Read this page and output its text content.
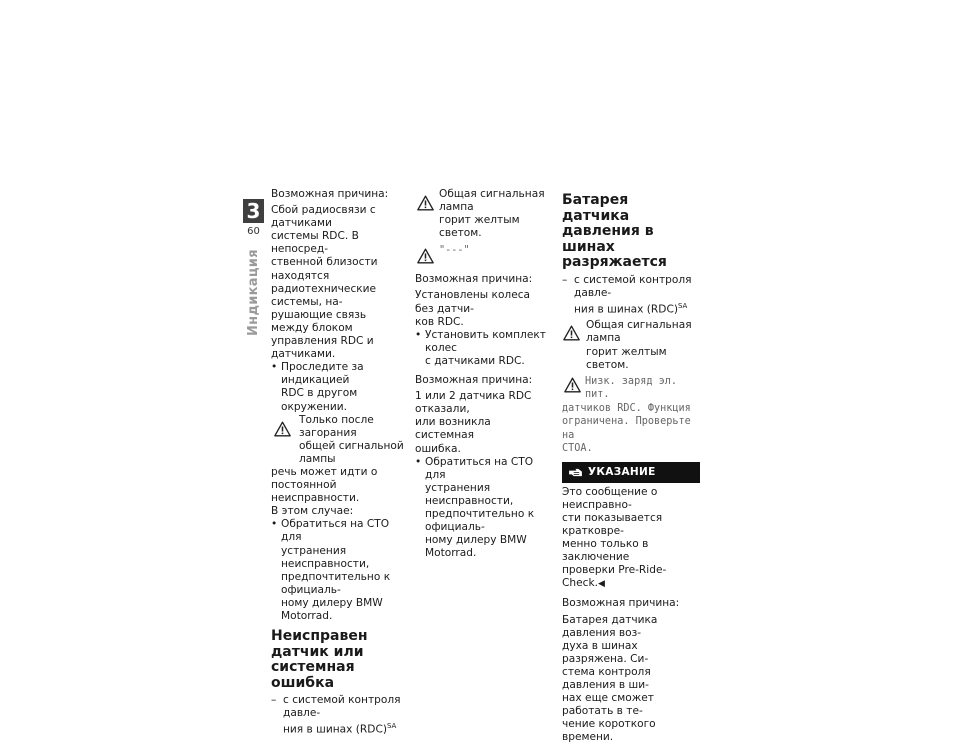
3
60
Индикация

Возможная причина:

Сбой радиосвязи с датчиками

системы RDC. В непосред-

ственной близости находятся

радиотехнические системы, на-

рушающие связь между блоком

управления RDC и датчиками.

• Проследите за индикацией

RDC в другом окружении.

Только после загорания

общей сигнальной лампы

речь может идти о постоянной

неисправности.

В этом случае:

• Обратиться на СТО для

устранения неисправности,

предпочтительно к официаль-

ному дилеру BMW Motorrad.

Неисправен датчик или
системная ошибка
– с системой контроля давле-

ния в шинах (RDC)$^{SA}$

Общая сигнальная лампа

горит желтым светом.

"---"

Возможная причина:

Установлены колеса без датчи-

ков RDC.

• Установить комплект колес

с датчиками RDC.

Возможная причина:

1 или 2 датчика RDC отказали,

или возникла системная

ошибка.

• Обратиться на СТО для

устранения неисправности,

предпочтительно к официаль-

ному дилеру BMW Motorrad.

Батарея датчика
давления в шинах
разряжается
– с системой контроля давле-

ния в шинах (RDC)$^{SA}$

Общая сигнальная лампа

горит желтым светом.

Низк. заряд эл. пит.

датчиков RDC. Функция

ограничена. Проверьте на

СТОА.

УКАЗАНИЕ

Это сообщение о неисправно-

сти показывается кратковре-

менно только в заключение

проверки Pre-Ride-Check.◀

Возможная причина:

Батарея датчика давления воз-

духа в шинах разряжена. Си-

стема контроля давления в ши-

нах еще сможет работать в те-

чение короткого времени.
